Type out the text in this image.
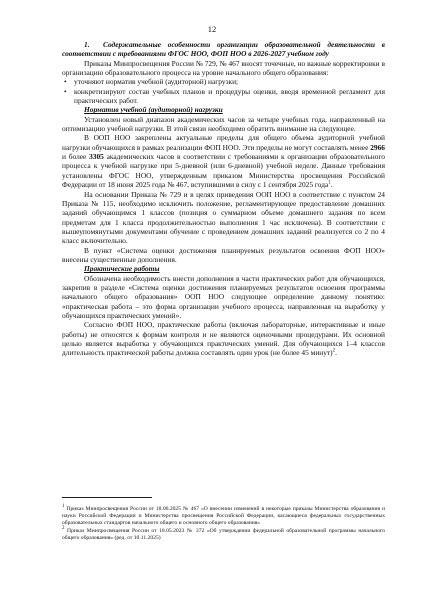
12

1. Содержательные особенности организации образовательной деятельности в соответствии с требованиями ФГОС НОО, ФОП НОО в 2026-2027 учебном году

Приказы Минпросвещения России № 729, № 467 вносят точечные, но важные корректировки в организацию образовательного процесса на уровне начального общего образования:

• уточняют норматив учебной (аудиторной) нагрузки;
• конкретизируют состав учебных планов и процедуры оценки, вводя временной регламент для практических работ.

Норматив учебной (аудиторной) нагрузки

Установлен новый диапазон академических часов за четыре учебных года, направленный на оптимизацию учебной нагрузки. В этой связи необходимо обратить внимание на следующее.

В ООП НОО закреплены актуальные пределы для общего объема аудиторной учебной нагрузки обучающихся в рамках реализации ФОП НОО. Эти пределы не могут составлять менее 2966 и более 3305 академических часов в соответствии с требованиями к организации образовательного процесса к учебной нагрузке при 5-дневной (или 6-дневной) учебной неделе. Данные требования установлены ФГОС НОО, утвержденным приказом Министерства просвещения Российской Федерации от 18 июня 2025 года № 467, вступившими в силу с 1 сентября 2025 года$^1$.

На основании Приказа № 729 и в целях приведения ООП НОО в соответствие с пунктом 24 Приказа № 115, необходимо исключить положение, регламентирующее предоставление домашних заданий обучающимся 1 классов (позиция о суммарном объеме домашнего задания по всем предметам для 1 класса продолжительностью выполнения 1 час исключена). В соответствии с вышеупомянутыми документами обучение с проведением домашних заданий реализуется со 2 по 4 класс включительно.

В пункт «Система оценки достижения планируемых результатов освоения ФОП НОО» внесены существенные дополнения.

Практические работы

Обозначена необходимость внести дополнения в части практических работ для обучающихся, закрепив в разделе «Система оценки достижения планируемых результатов освоения программы начального общего образования» ООП НОО следующее определение данному понятию: «практическая работа – это форма организации учебного процесса, направленная на выработку у обучающихся практических умений».

Согласно ФОП НОО, практические работы (включая лабораторные, интерактивные и иные работы) не относятся к формам контроля и не являются оценочными процедурами. Их основной целью является выработка у обучающихся практических умений. Для обучающихся 1–4 классов длительность практической работы должна составлять один урок (не более 45 минут)$^2$.

$^1$ Приказ Минпросвещения России от 18.06.2025 № 467 «О внесении изменений в некоторые приказы Министерства образования и науки Российской Федерации и Министерства просвещения Российской Федерации, касающиеся федеральных государственных образовательных стандартов начального общего и основного общего образования»

$^2$ Приказ Минпросвещения России от 18.05.2023 № 372 «Об утверждении федеральной образовательной программы начального общего образования» (ред. от 10.11.2025)
